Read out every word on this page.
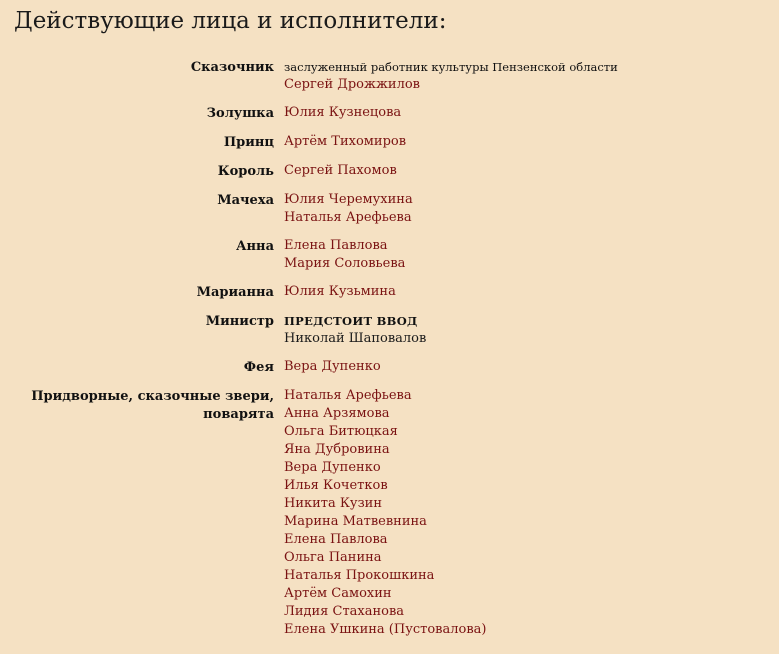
Действующие лица и исполнители:
Сказочник заслуженный работник культуры Пензенской области
Сергей Дрожжилов
Золушка Юлия Кузнецова
Принц Артём Тихомиров
Король Сергей Пахомов
Мачеха Юлия Черемухина
Наталья Арефьева
Анна Елена Павлова
Мария Соловьева
Марианна Юлия Кузьмина
Министр ПРЕДСТОИТ ВВОД
Николай Шаповалов
Фея Вера Дупенко
Придворные, сказочные звери,
поварята
Наталья Арефьева
Анна Арзямова
Ольга Битюцкая
Яна Дубровина
Вера Дупенко
Илья Кочетков
Никита Кузин
Марина Матвевнина
Елена Павлова
Ольга Панина
Наталья Прокошкина
Артём Самохин
Лидия Стаханова
Елена Ушкина (Пустовалова)
